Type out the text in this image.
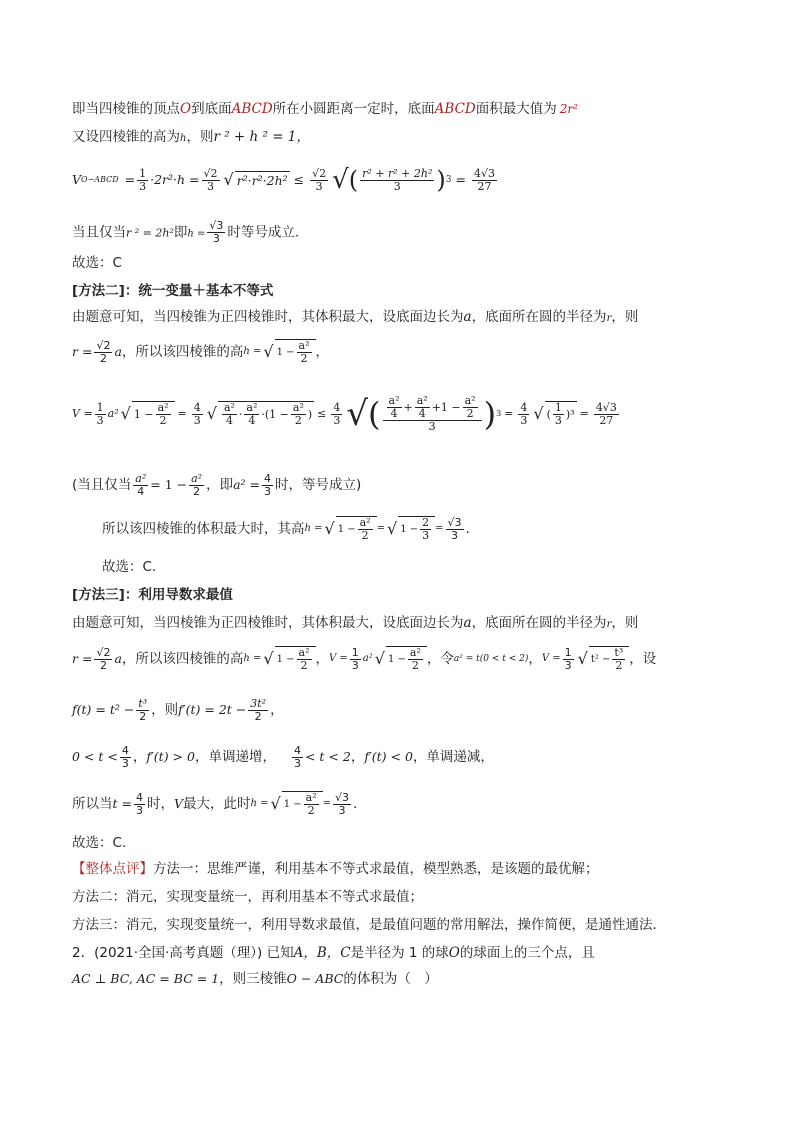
即当四棱锥的顶点O到底面ABCD所在小圆距离一定时，底面ABCD面积最大值为 2r²
又设四棱锥的高为h，则r ² + h ² = 1，
V O−ABCD = $\frac{1}{3} \cdot 2r^2\cdot h = \frac{√2}{3}$ √ $r^2\cdot r^2\cdot 2h^2 \le \frac{√2}{3}$ √ ( r² + r² + 2h²
3	) $3 = \frac{4√3}{27}$
当且仅当r ² = 2h²即$h = \frac{√3}{3}$ 时等号成立.
故选：C
[方法二]：统一变量＋基本不等式
由题意可知，当四棱锥为正四棱锥时，其体积最大，设底面边长为a，底面所在圆的半径为r，则
$r = \frac{√2}{2}$ a ，所以该四棱锥的高 h = √ 1 − a²
2 ，
$V = \frac{1}{3} a^2$ √ 1 − a²
2
= $\frac{4}{3}$ √ a²
4 · a²
4 ·(1 − a²
2 ) ≤ $\frac{4}{3}$ √ ( a²
4 + a²
4 +1 − a²
2
3	) $3 = \frac{4}{3}$ √ ( 1
3 )$^3 = \frac{4√3}{27}$
(当且仅当 $\frac{\text{a²}}{4} = 1 - \frac{\text{a²}}{2}$ ，即 $a^2 = \frac{4}{3}$ 时，等号成立)
所以该四棱锥的体积最大时，其高 h = √ 1 − a²
2
= √ 1 − 2
3
= $\frac{√3}{3}$ .
故选：C.
[方法三]：利用导数求最值
由题意可知，当四棱锥为正四棱锥时，其体积最大，设底面边长为a，底面所在圆的半径为r，则
$r = \frac{√2}{2}$ a ，所以该四棱锥的高 h = √ 1 − a²
2 ， $V = \frac{1}{3} a^2$ √ 1 − a²
2 ，令 a² = t(0 < t < 2) ， $V = \frac{1}{3}$ √ t² − t³
2 ，设
$f(t) = t^2 - \frac{\text{t³}}{2}$ ，则 $f'(t) = 2t - \frac{\text{3t²}}{2}$ ，
0 < t < 4
3 ， f′(t) > 0 ，单调递增， 4
3 < t < 2 ， f′(t) < 0 ，单调递减，
所以当 $t = \frac{4}{3}$ 时， V 最大，此时 h = √ 1 − a²
2
= $\frac{√3}{3}$ .
故选：C.
【整体点评】方法一：思维严谨，利用基本不等式求最值，模型熟悉，是该题的最优解；
方法二：消元，实现变量统一，再利用基本不等式求最值；
方法三：消元，实现变量统一，利用导数求最值，是最值问题的常用解法，操作简便，是通性通法．
2．(2021·全国·高考真题（理）) 已知A，B，C是半径为 1 的球O的球面上的三个点，且
AC ⊥ BC, AC = BC = 1，则三棱锥O − ABC的体积为（　）
